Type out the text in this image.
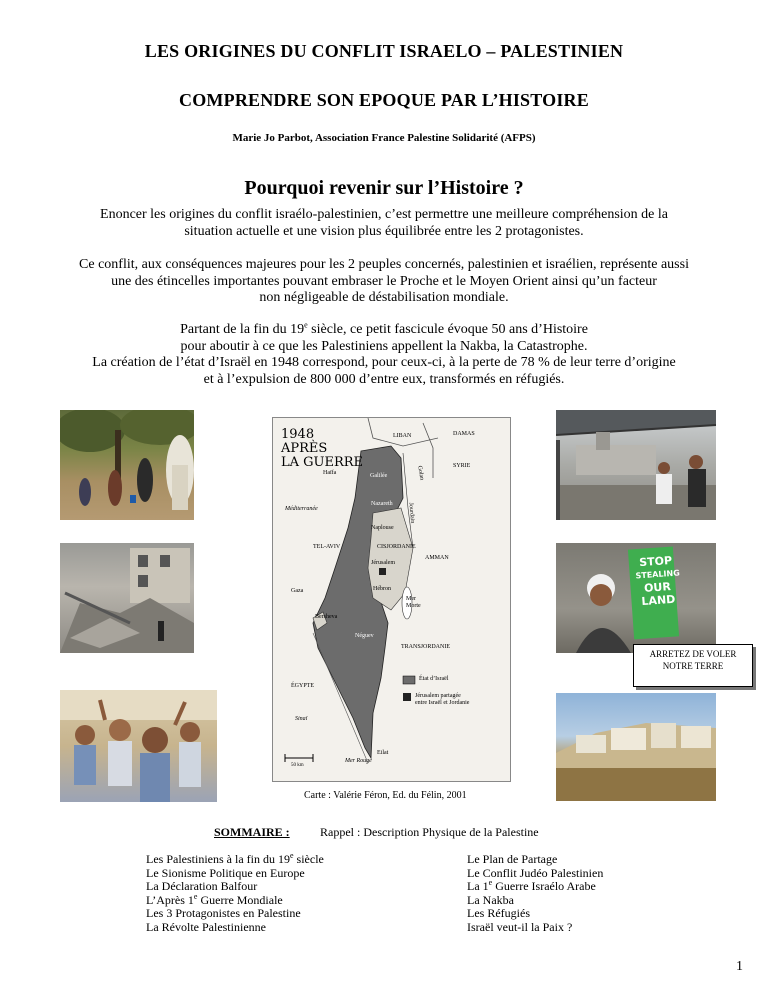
LES ORIGINES DU CONFLIT ISRAELO – PALESTINIEN
COMPRENDRE SON EPOQUE PAR L’HISTOIRE
Marie Jo Parbot, Association France Palestine Solidarité (AFPS)
Pourquoi revenir sur l’Histoire ?
Enoncer les origines du conflit israélo-palestinien, c’est permettre une meilleure compréhension de la
situation actuelle et une vision plus équilibrée entre les 2 protagonistes.
Ce conflit, aux conséquences majeures pour les 2 peuples concernés, palestinien et israélien, représente aussi
une des étincelles importantes pouvant embraser le Proche et le Moyen Orient ainsi qu’un facteur
non négligeable de déstabilisation mondiale.
Partant de la fin du 19e siècle, ce petit fascicule évoque 50 ans d’Histoire
pour aboutir à ce que les Palestiniens appellent la Nakba, la Catastrophe.
La création de l’état d’Israël en 1948 correspond, pour ceux-ci, à la perte de 78 % de leur terre d’origine
et à l’expulsion de 800 000 d’entre eux, transformés en réfugiés.
STOP
STEALING
OUR
LAND
ARRETEZ DE VOLER
NOTRE TERRE
1948
APRÈS
LA GUERRE
LIBAN	DAMAS
SYRIE
Golan
Haïfa	Galilée
Nazareth
Méditerranée	Jourdain
Naplouse
TEL-AVIV	CISJORDANIE
AMMAN
Jérusalem
Hébron
Gaza
Mer
Morte
Bersheva
Néguev
TRANSJORDANIE
ÉGYPTE
Sinaï
Eilat
Mer Rouge
50 km
État d’Israël
Jérusalem partagée
entre Israël et Jordanie
Carte : Valérie Féron, Ed. du Félin, 2001
SOMMAIRE :	Rappel : Description Physique de la Palestine
Les Palestiniens à la fin du 19e siècle
Le Sionisme Politique en Europe
La Déclaration Balfour
L’Après 1e Guerre Mondiale
Les 3 Protagonistes en Palestine
La Révolte Palestinienne
Le Plan de Partage
Le Conflit Judéo Palestinien
La 1e Guerre Israélo Arabe
La Nakba
Les Réfugiés
Israël veut-il la Paix ?
1
